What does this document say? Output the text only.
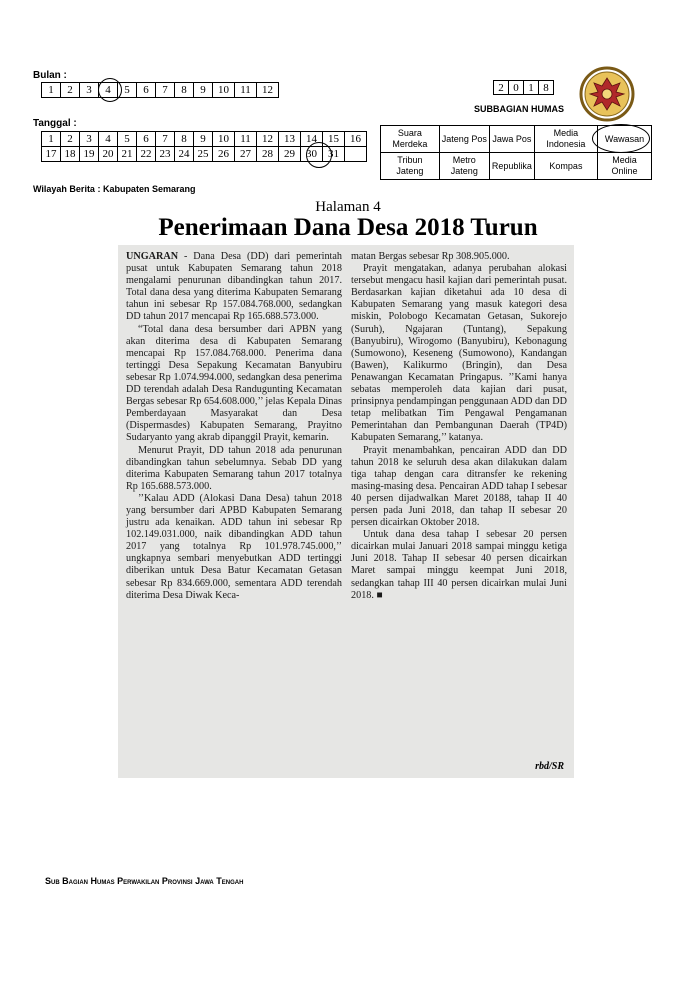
Bulan :
1	2	3	4	5	6	7	8	9	10	11	12
Tanggal :
1	2	3	4	5	6	7	8	9	10	11	12	13	14	15	16
17	18	19	20	21	22	23	24	25	26	27	28	29	30	31	
2	0	1	8
SUBBAGIAN HUMAS
Suara Merdeka	Jateng Pos	Jawa Pos	Media Indonesia	Wawasan
Tribun Jateng	Metro Jateng	Republika	Kompas	Media Online
Wilayah Berita : Kabupaten Semarang
Halaman 4
Penerimaan Dana Desa 2018 Turun

UNGARAN - Dana Desa (DD) dari pemerintah pusat untuk Kabupaten Semarang tahun 2018 mengalami penurunan dibandingkan tahun 2017. Total dana desa yang diterima Kabupaten Semarang tahun ini sebesar Rp 157.084.768.000, sedangkan DD tahun 2017 mencapai Rp 165.688.573.000.

“Total dana desa bersumber dari APBN yang akan diterima desa di Kabupaten Semarang mencapai Rp 157.084.768.000. Penerima dana tertinggi Desa Sepakung Kecamatan Banyubiru sebesar Rp 1.074.994.000, sedangkan desa penerima DD terendah adalah Desa Randugunting Kecamatan Bergas sebesar Rp 654.608.000,’’ jelas Kepala Dinas Pemberdayaan Masyarakat dan Desa (Dispermasdes) Kabupaten Semarang, Prayitno Sudaryanto yang akrab dipanggil Prayit, kemarin.

Menurut Prayit, DD tahun 2018 ada penurunan dibandingkan tahun sebelumnya. Sebab DD yang diterima Kabupaten Semarang tahun 2017 totalnya Rp 165.688.573.000.

’’Kalau ADD (Alokasi Dana Desa) tahun 2018 yang bersumber dari APBD Kabupaten Semarang justru ada kenaikan. ADD tahun ini sebesar Rp 102.149.031.000, naik dibandingkan ADD tahun 2017 yang totalnya Rp 101.978.745.000,’’ ungkapnya sembari menyebutkan ADD tertinggi diberikan untuk Desa Batur Kecamatan Getasan sebesar Rp 834.669.000, sementara ADD terendah diterima Desa Diwak Keca-

matan Bergas sebesar Rp 308.905.000.

Prayit mengatakan, adanya perubahan alokasi tersebut mengacu hasil kajian dari pemerintah pusat. Berdasarkan kajian diketahui ada 10 desa di Kabupaten Semarang yang masuk kategori desa miskin, Polobogo Kecamatan Getasan, Sukorejo (Suruh), Ngajaran (Tuntang), Sepakung (Banyubiru), Wirogomo (Banyubiru), Kebonagung (Sumowono), Keseneng (Sumowono), Kandangan (Bawen), Kalikurmo (Bringin), dan Desa Penawangan Kecamatan Pringapus. ’’Kami hanya sebatas memperoleh data kajian dari pusat, prinsipnya pendampingan penggunaan ADD dan DD tetap melibatkan Tim Pengawal Pengamanan Pemerintahan dan Pembangunan Daerah (TP4D) Kabupaten Semarang,’’ katanya.

Prayit menambahkan, pencairan ADD dan DD tahun 2018 ke seluruh desa akan dilakukan dalam tiga tahap dengan cara ditransfer ke rekening masing-masing desa. Pencairan ADD tahap I sebesar 40 persen dijadwalkan Maret 20188, tahap II 40 persen pada Juni 2018, dan tahap II sebesar 20 persen dicairkan Oktober 2018.

Untuk dana desa tahap I sebesar 20 persen dicairkan mulai Januari 2018 sampai minggu ketiga Juni 2018. Tahap II sebesar 40 persen dicairkan Maret sampai minggu keempat Juni 2018, sedangkan tahap III 40 persen dicairkan mulai Juni 2018. ■

rbd/SR
Sub Bagian Humas Perwakilan Provinsi Jawa Tengah
